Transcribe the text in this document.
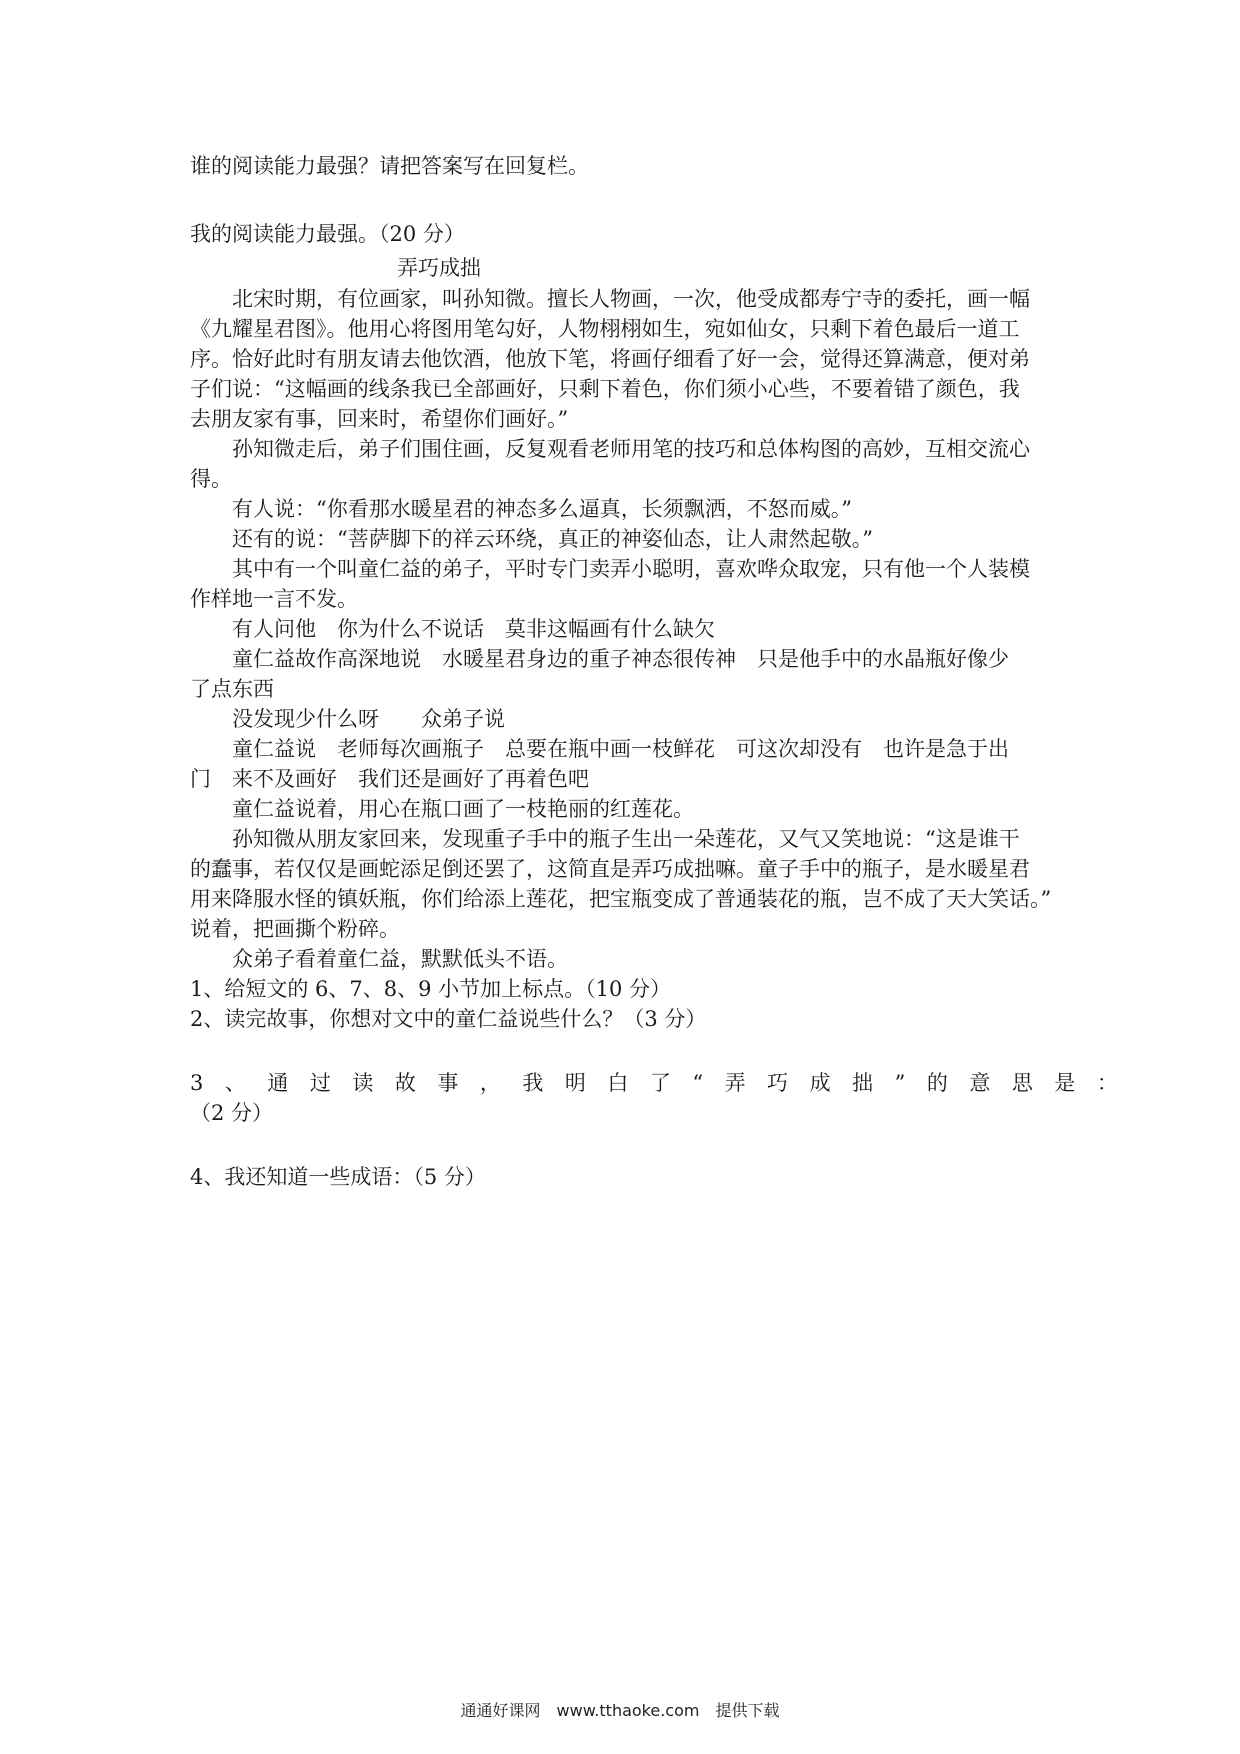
谁的阅读能力最强？请把答案写在回复栏。
我的阅读能力最强。（20 分）
弄巧成拙
北宋时期，有位画家，叫孙知微。擅长人物画，一次，他受成都寿宁寺的委托，画一幅
《九耀星君图》。他用心将图用笔勾好，人物栩栩如生，宛如仙女，只剩下着色最后一道工
序。恰好此时有朋友请去他饮酒，他放下笔，将画仔细看了好一会，觉得还算满意，便对弟
子们说：“这幅画的线条我已全部画好，只剩下着色，你们须小心些，不要着错了颜色，我
去朋友家有事，回来时，希望你们画好。”
孙知微走后，弟子们围住画，反复观看老师用笔的技巧和总体构图的高妙，互相交流心
得。
有人说：“你看那水暖星君的神态多么逼真，长须飘洒，不怒而威。”
还有的说：“菩萨脚下的祥云环绕，真正的神姿仙态，让人肃然起敬。”
其中有一个叫童仁益的弟子，平时专门卖弄小聪明，喜欢哗众取宠，只有他一个人装模
作样地一言不发。
有人问他　你为什么不说话　莫非这幅画有什么缺欠
童仁益故作高深地说　水暖星君身边的重子神态很传神　只是他手中的水晶瓶好像少
了点东西
没发现少什么呀　　众弟子说
童仁益说　老师每次画瓶子　总要在瓶中画一枝鲜花　可这次却没有　也许是急于出
门　来不及画好　我们还是画好了再着色吧
童仁益说着，用心在瓶口画了一枝艳丽的红莲花。
孙知微从朋友家回来，发现重子手中的瓶子生出一朵莲花，又气又笑地说：“这是谁干
的蠢事，若仅仅是画蛇添足倒还罢了，这简直是弄巧成拙嘛。童子手中的瓶子，是水暖星君
用来降服水怪的镇妖瓶，你们给添上莲花，把宝瓶变成了普通装花的瓶，岂不成了天大笑话。”
说着，把画撕个粉碎。
众弟子看着童仁益，默默低头不语。
1、给短文的 6、7、8、9 小节加上标点。（10 分）
2、读完故事，你想对文中的童仁益说些什么？（3 分）
3、通过读故事，我明白了“弄巧成拙”的意思是：
（2 分）
4、我还知道一些成语：（5 分）
通通好课网　www.tthaoke.com　提供下载
